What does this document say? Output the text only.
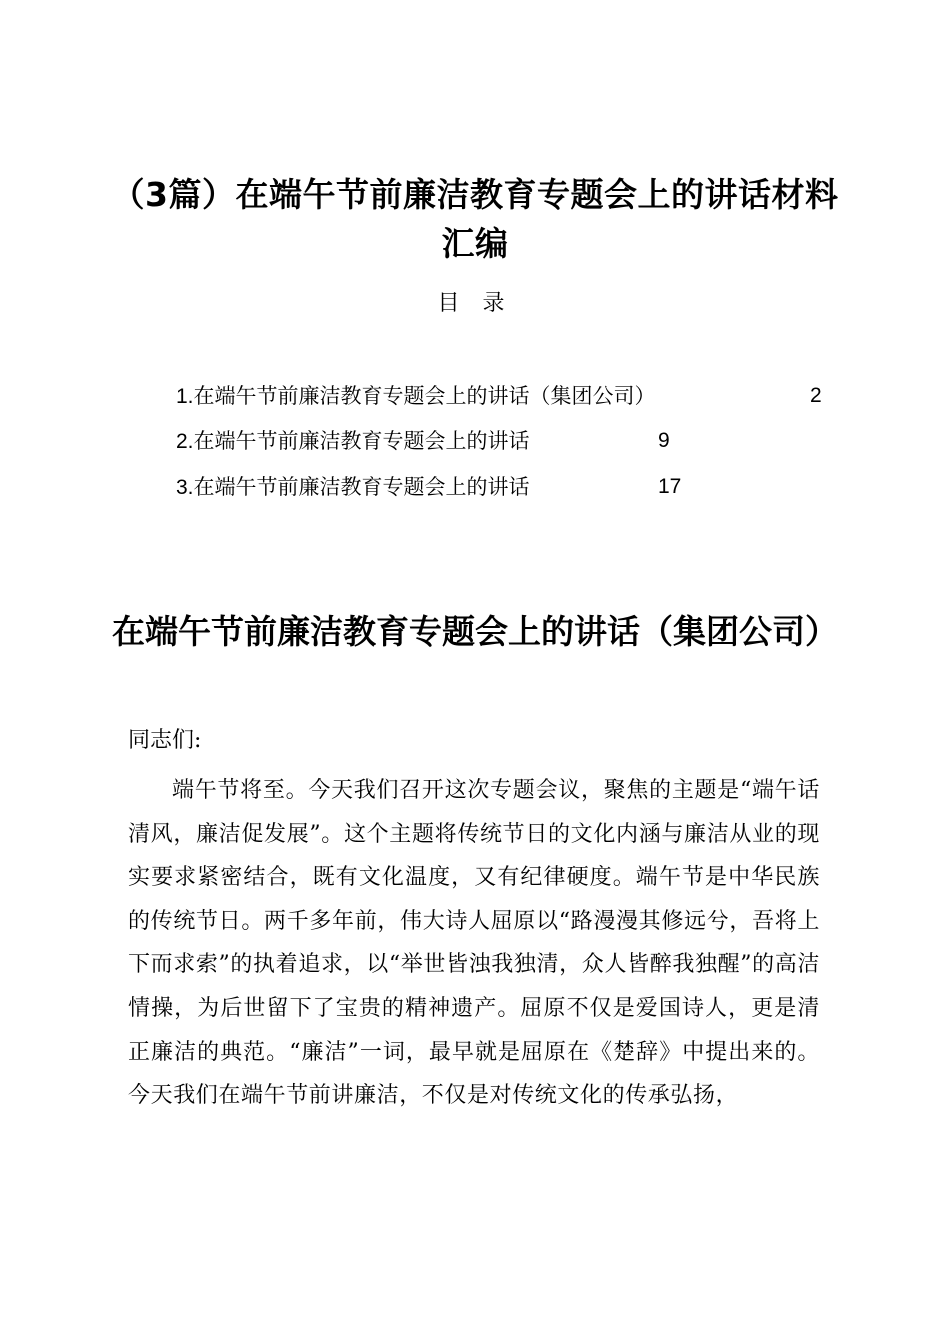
（3篇）在端午节前廉洁教育专题会上的讲话材料汇编
目 录
1.在端午节前廉洁教育专题会上的讲话（集团公司）	2
2.在端午节前廉洁教育专题会上的讲话	9
3.在端午节前廉洁教育专题会上的讲话	17
在端午节前廉洁教育专题会上的讲话（集团公司）
同志们:
端午节将至。今天我们召开这次专题会议，聚焦的主题是“端午话清风，廉洁促发展”。这个主题将传统节日的文化内涵与廉洁从业的现实要求紧密结合，既有文化温度，又有纪律硬度。端午节是中华民族的传统节日。两千多年前，伟大诗人屈原以“路漫漫其修远兮，吾将上下而求索”的执着追求，以“举世皆浊我独清，众人皆醉我独醒”的高洁情操，为后世留下了宝贵的精神遗产。屈原不仅是爱国诗人，更是清正廉洁的典范。“廉洁”一词，最早就是屈原在《楚辞》中提出来的。今天我们在端午节前讲廉洁，不仅是对传统文化的传承弘扬，
